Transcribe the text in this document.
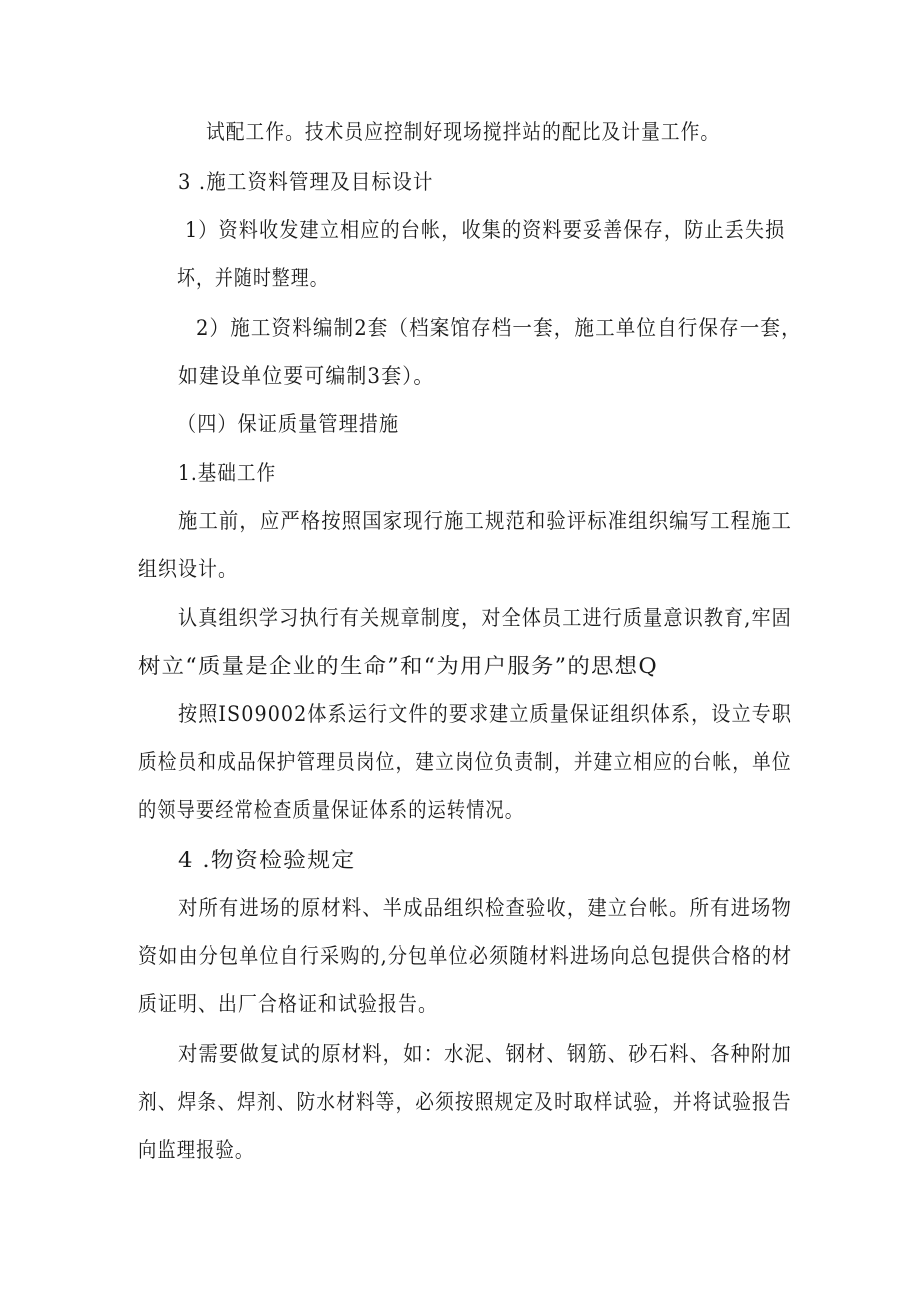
试配工作。技术员应控制好现场搅拌站的配比及计量工作。
3 .施工资料管理及目标设计
1）资料收发建立相应的台帐，收集的资料要妥善保存，防止丢失损
坏，并随时整理。
2）施工资料编制2套（档案馆存档一套，施工单位自行保存一套，
如建设单位要可编制3套）。
（四）保证质量管理措施
1.基础工作
施工前，应严格按照国家现行施工规范和验评标准组织编写工程施工
组织设计。
认真组织学习执行有关规章制度，对全体员工进行质量意识教育,牢固
树立“质量是企业的生命”和“为用户服务”的思想Q
按照IS09002体系运行文件的要求建立质量保证组织体系，设立专职
质检员和成品保护管理员岗位，建立岗位负责制，并建立相应的台帐，单位
的领导要经常检查质量保证体系的运转情况。
4 .物资检验规定
对所有进场的原材料、半成品组织检查验收，建立台帐。所有进场物
资如由分包单位自行采购的,分包单位必须随材料进场向总包提供合格的材
质证明、出厂合格证和试验报告。
对需要做复试的原材料，如：水泥、钢材、钢筋、砂石料、各种附加
剂、焊条、焊剂、防水材料等，必须按照规定及时取样试验，并将试验报告
向监理报验。
